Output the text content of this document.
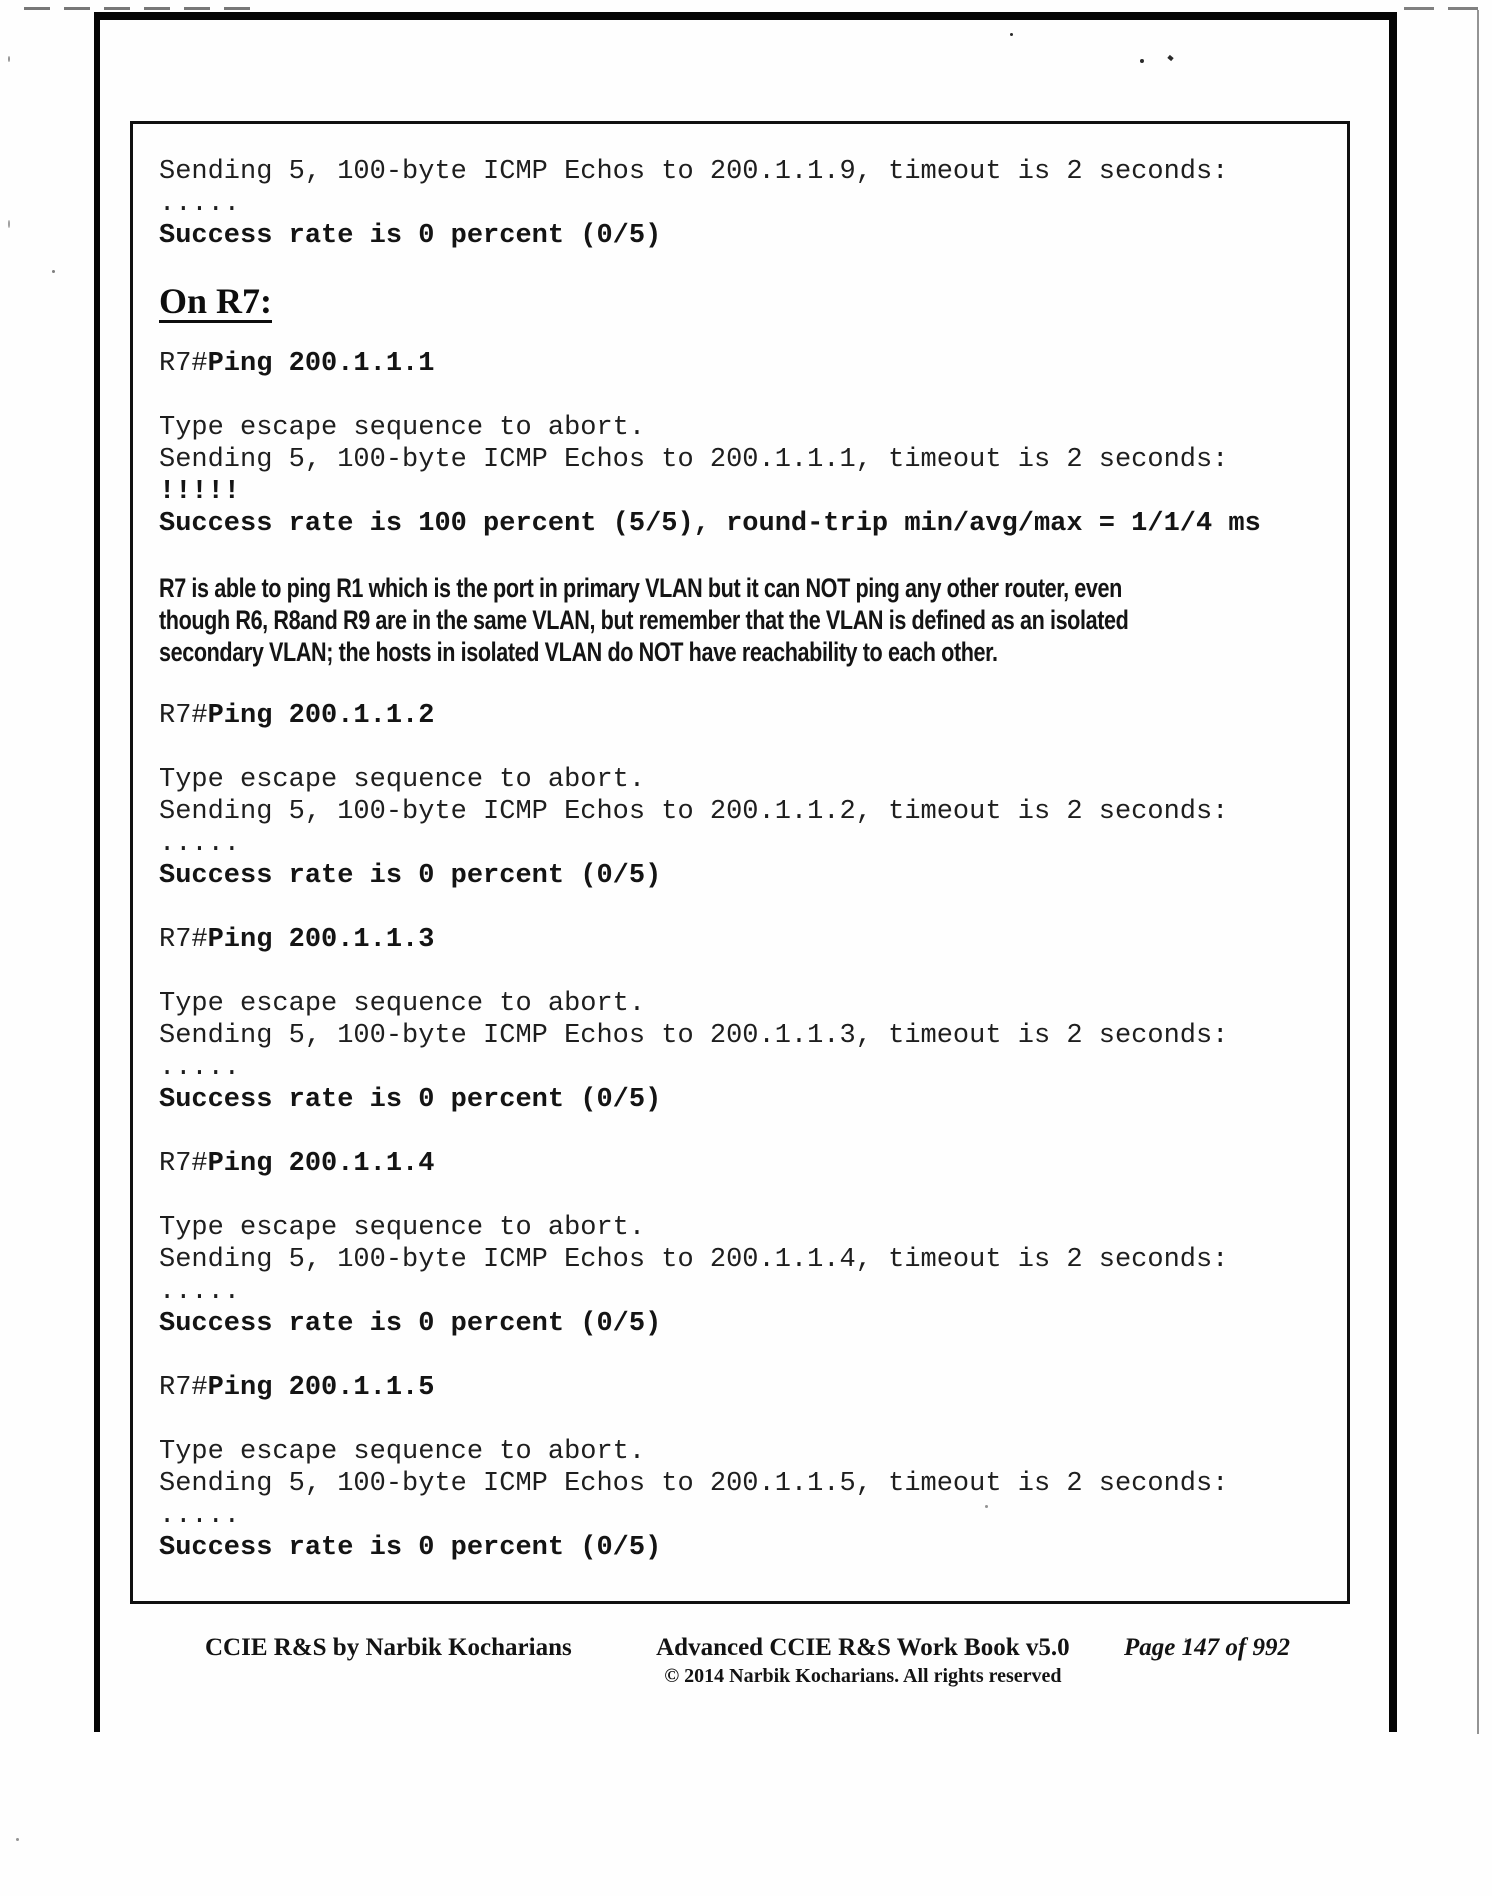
Sending 5, 100-byte ICMP Echos to 200.1.1.9, timeout is 2 seconds:
.....
Success rate is 0 percent (0/5)
On R7:
R7#Ping 200.1.1.1
Type escape sequence to abort.
Sending 5, 100-byte ICMP Echos to 200.1.1.1, timeout is 2 seconds:
!!!!!
Success rate is 100 percent (5/5), round-trip min/avg/max = 1/1/4 ms
R7 is able to ping R1 which is the port in primary VLAN but it can NOT ping any other router, even
though R6, R8and R9 are in the same VLAN, but remember that the VLAN is defined as an isolated
secondary VLAN; the hosts in isolated VLAN do NOT have reachability to each other.
R7#Ping 200.1.1.2
Type escape sequence to abort.
Sending 5, 100-byte ICMP Echos to 200.1.1.2, timeout is 2 seconds:
.....
Success rate is 0 percent (0/5)
R7#Ping 200.1.1.3
Type escape sequence to abort.
Sending 5, 100-byte ICMP Echos to 200.1.1.3, timeout is 2 seconds:
.....
Success rate is 0 percent (0/5)
R7#Ping 200.1.1.4
Type escape sequence to abort.
Sending 5, 100-byte ICMP Echos to 200.1.1.4, timeout is 2 seconds:
.....
Success rate is 0 percent (0/5)
R7#Ping 200.1.1.5
Type escape sequence to abort.
Sending 5, 100-byte ICMP Echos to 200.1.1.5, timeout is 2 seconds:
.....
Success rate is 0 percent (0/5)
CCIE R&S by Narbik Kocharians	Advanced CCIE R&S Work Book v5.0
© 2014 Narbik Kocharians. All rights reserved
Page 147 of 992
